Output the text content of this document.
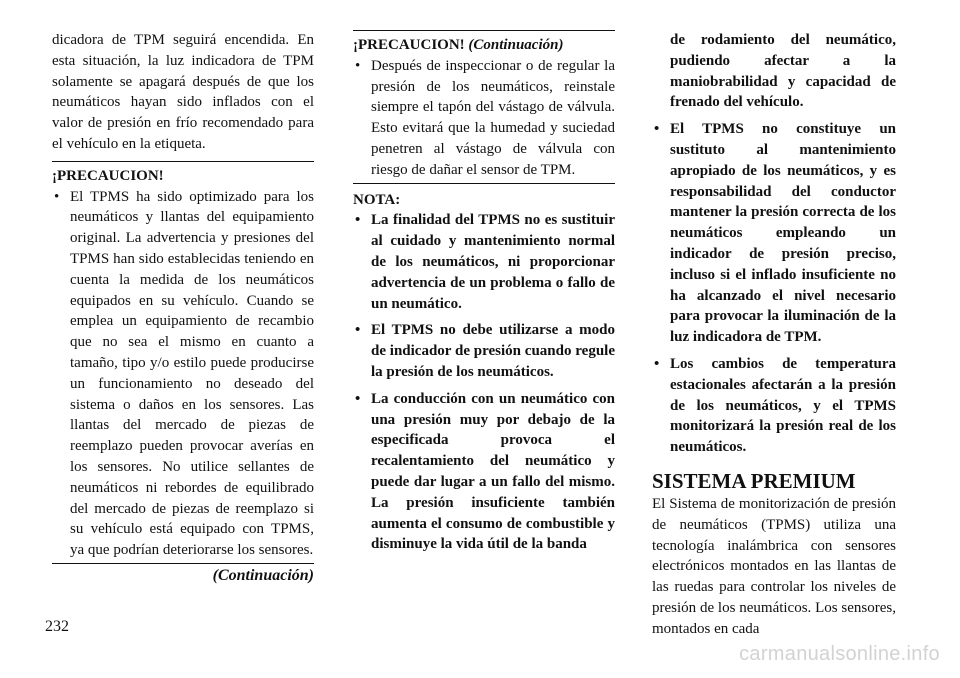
dicadora de TPM seguirá encendida. En esta situación, la luz indicadora de TPM solamente se apagará después de que los neumáticos hayan sido inflados con el valor de presión en frío recomendado para el vehículo en la etiqueta.

¡PRECAUCION!
• El TPMS ha sido optimizado para los neumáticos y llantas del equipamiento original. La advertencia y presiones del TPMS han sido establecidas teniendo en cuenta la medida de los neumáticos equipados en su vehículo. Cuando se emplea un equipamiento de recambio que no sea el mismo en cuanto a tamaño, tipo y/o estilo puede producirse un funcionamiento no deseado del sistema o daños en los sensores. Las llantas del mercado de piezas de reemplazo pueden provocar averías en los sensores. No utilice sellantes de neumáticos ni rebordes de equilibrado del mercado de piezas de reemplazo si su vehículo está equipado con TPMS, ya que podrían deteriorarse los sensores.
(Continuación)
¡PRECAUCION! (Continuación)
• Después de inspeccionar o de regular la presión de los neumáticos, reinstale siempre el tapón del vástago de válvula. Esto evitará que la humedad y suciedad penetren al vástago de válvula con riesgo de dañar el sensor de TPM.
NOTA:
• La finalidad del TPMS no es sustituir al cuidado y mantenimiento normal de los neumáticos, ni proporcionar advertencia de un problema o fallo de un neumático.
• El TPMS no debe utilizarse a modo de indicador de presión cuando regule la presión de los neumáticos.
• La conducción con un neumático con una presión muy por debajo de la especificada provoca el recalentamiento del neumático y puede dar lugar a un fallo del mismo. La presión insuficiente también aumenta el consumo de combustible y disminuye la vida útil de la banda
de rodamiento del neumático, pudiendo afectar a la maniobrabilidad y capacidad de frenado del vehículo.
• El TPMS no constituye un sustituto al mantenimiento apropiado de los neumáticos, y es responsabilidad del conductor mantener la presión correcta de los neumáticos empleando un indicador de presión preciso, incluso si el inflado insuficiente no ha alcanzado el nivel necesario para provocar la iluminación de la luz indicadora de TPM.
• Los cambios de temperatura estacionales afectarán a la presión de los neumáticos, y el TPMS monitorizará la presión real de los neumáticos.
SISTEMA PREMIUM

El Sistema de monitorización de presión de neumáticos (TPMS) utiliza una tecnología inalámbrica con sensores electrónicos montados en las llantas de las ruedas para controlar los niveles de presión de los neumáticos. Los sensores, montados en cada

232
carmanualsonline.info
